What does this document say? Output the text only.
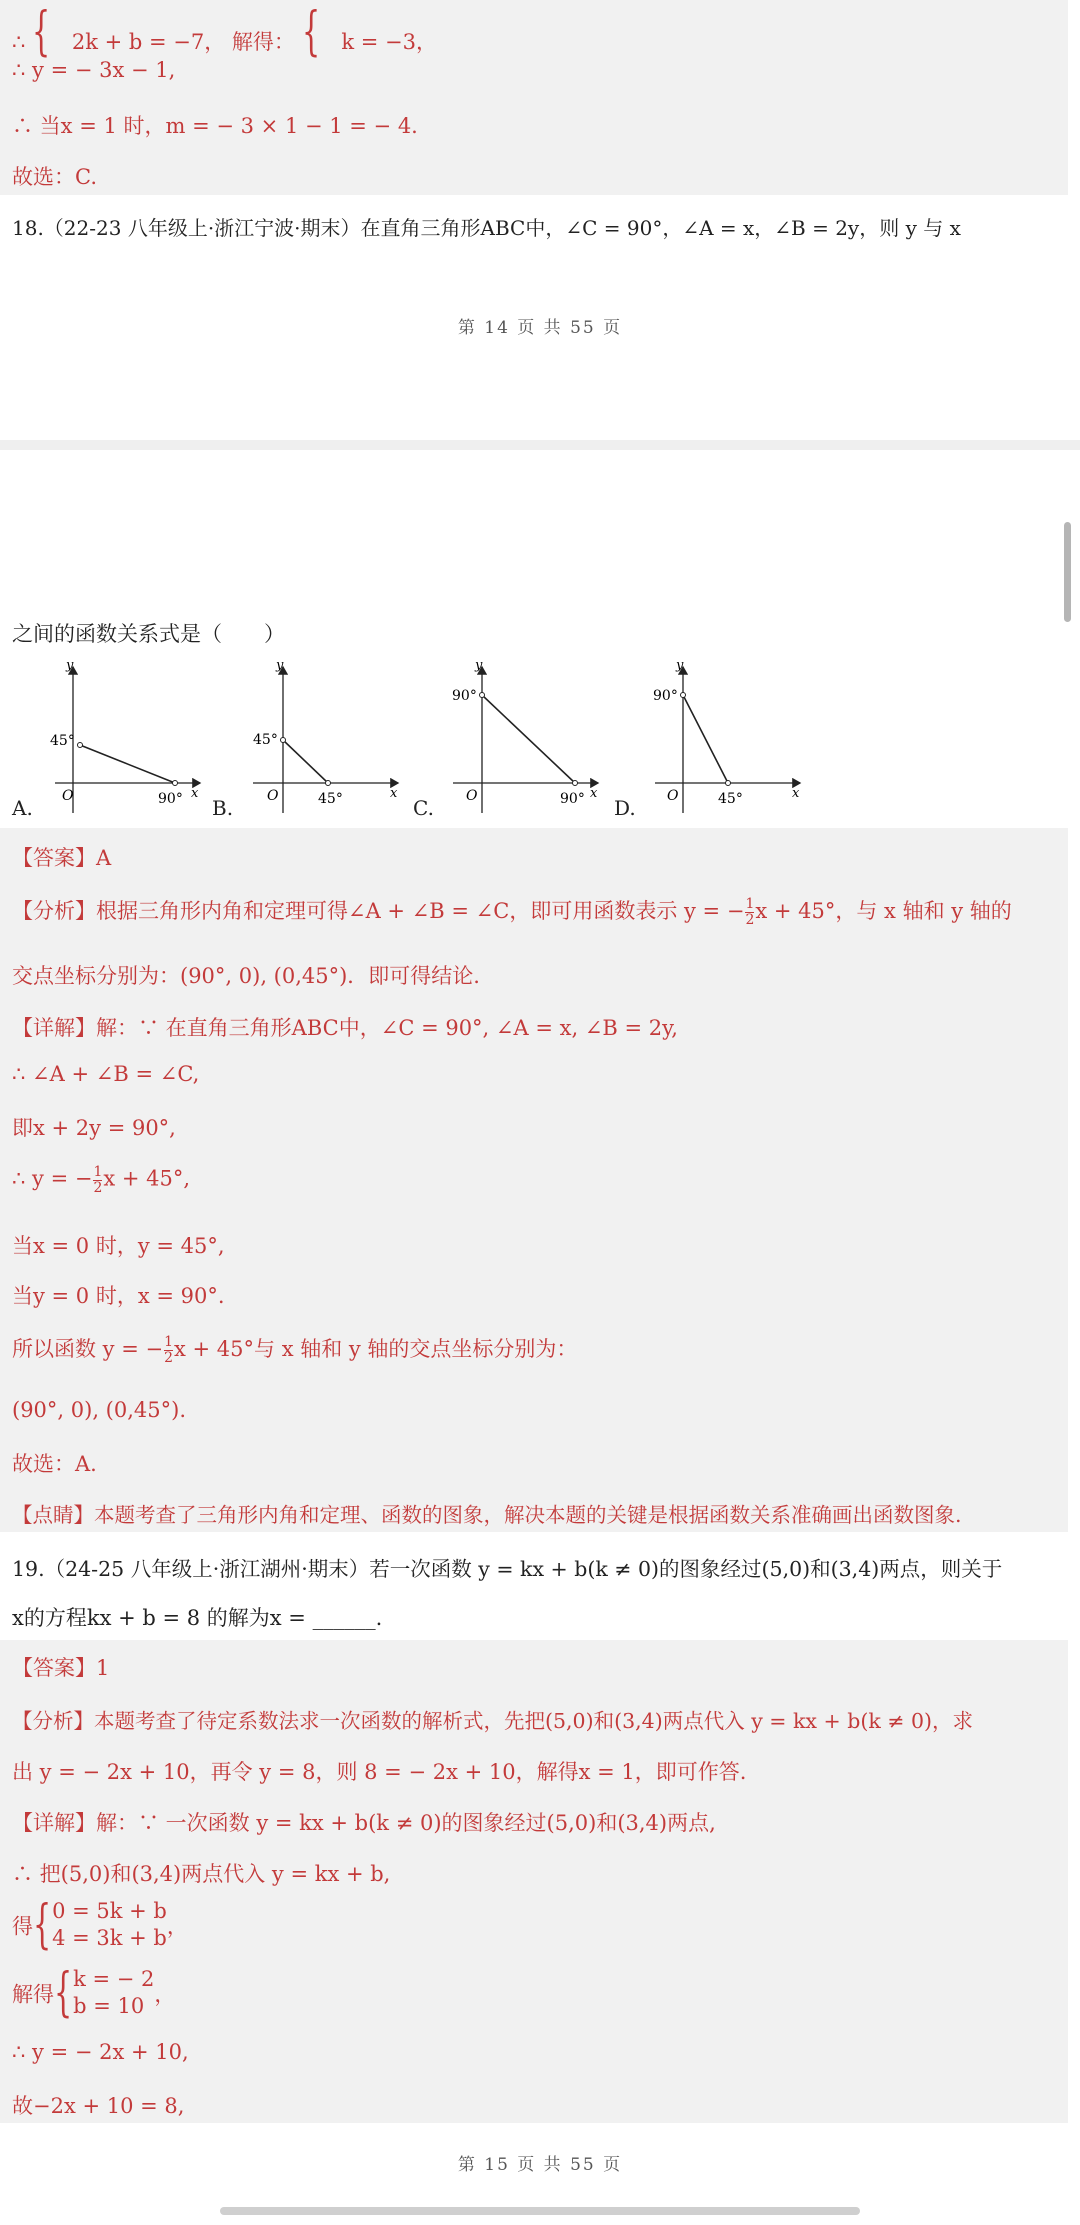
∴ { 2k + b = −7， 解得： { k = −3，
∴ y = − 3x − 1,
∴ 当x = 1 时，m = − 3 × 1 − 1 = − 4.
故选：C.
18.（22-23 八年级上·浙江宁波·期末）在直角三角形ABC中，∠C = 90°，∠A = x，∠B = 2y，则 y 与 x
第 14 页 共 55 页
之间的函数关系式是（　　）
y
x
O
45°
90°
y
x
O
45°
45°
y
x
O
90°
90°
y
x
O
90°
45°
A.	B.	C.	D.
【答案】A
【分析】根据三角形内角和定理可得∠A + ∠B = ∠C，即可用函数表示 y = − $\frac{1}{2}$ x + 45°，与 x 轴和 y 轴的
交点坐标分别为：(90°, 0), (0,45°)．即可得结论.
【详解】解：∵ 在直角三角形ABC中，∠C = 90°, ∠A = x, ∠B = 2y,
∴ ∠A + ∠B = ∠C,
即x + 2y = 90°,
∴ y = − $\frac{1}{2}$ x + 45°,
当x = 0 时，y = 45°,
当y = 0 时，x = 90°.
所以函数 y = − $\frac{1}{2}$ x + 45°与 x 轴和 y 轴的交点坐标分别为：
(90°, 0), (0,45°).
故选：A.
【点睛】本题考查了三角形内角和定理、函数的图象，解决本题的关键是根据函数关系准确画出函数图象.
19.（24-25 八年级上·浙江湖州·期末）若一次函数 y = kx + b(k ≠ 0)的图象经过(5,0)和(3,4)两点，则关于
x的方程kx + b = 8 的解为x = ______.
【答案】1
【分析】本题考查了待定系数法求一次函数的解析式，先把(5,0)和(3,4)两点代入 y = kx + b(k ≠ 0)，求
出 y = − 2x + 10，再令 y = 8，则 8 = − 2x + 10，解得x = 1，即可作答.
【详解】解：∵ 一次函数 y = kx + b(k ≠ 0)的图象经过(5,0)和(3,4)两点,
∴ 把(5,0)和(3,4)两点代入 y = kx + b,
得{ 0 = 5k + b
4 = 3k + b ，
解得{ k = − 2
b = 10 ，
∴ y = − 2x + 10,
故−2x + 10 = 8,
第 15 页 共 55 页
